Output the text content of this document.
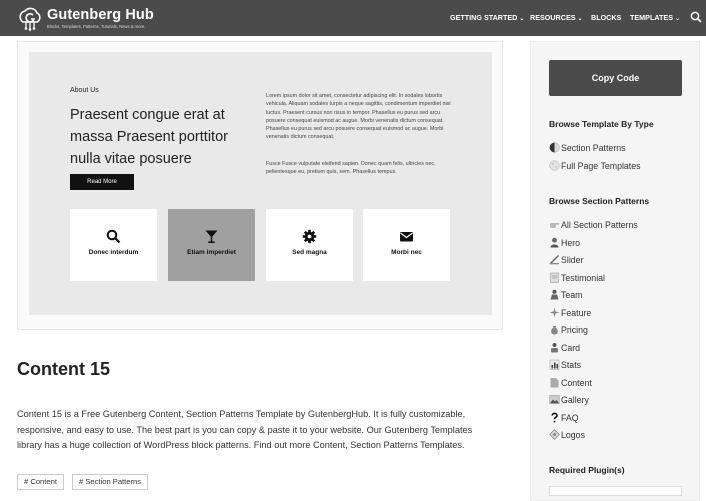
Gutenberg Hub
Blocks, Templates, Patterns, Tutorials, News & more.
GETTING STARTED ⌄ RESOURCES ⌄ BLOCKS TEMPLATES ⌄
About Us
Praesent congue erat at massa Praesent porttitor nulla vitae posuere
Read More
Lorem ipsum dolor sit amet, consectetur adipiscing elit. In sodales lobortis vehicula. Aliquam sodales turpis a neque sagittis, condimentum imperdiet nisi luctus. Praesent cursus non risus in tempor. Phasellus eu purus sed arcu posuere consequat euismod ac augue. Morbi venenatis dictum consequat. Phasellus eu purus sed arcu posuere consequat euismod ac augue. Morbi venenatis dictum consequat.
Fusce Fusce vulputate eleifend sapien. Donec quam felis, ultricies nec, pellentesque eu, pretium quis, sem. Phasellus tempus.
Donec interdum	Etiam imperdiet	Sed magna	Morbi nec
Content 15
Content 15 is a Free Gutenberg Content, Section Patterns Template by GutenbergHub. It is fully customizable, responsive, and easy to use. The best part is you can copy & paste it to your website. Our Gutenberg Templates library has a huge collection of WordPress block patterns. Find out more Content, Section Patterns Templates.
# Content	# Section Patterns
Copy Code
Browse Template By Type
Section Patterns
Full Page Templates
Browse Section Patterns
All Section Patterns
Hero
Slider
Testimonial
Team
Feature
Pricing
Card
Stats
Content
Gallery
FAQ
Logos
Required Plugin(s)
